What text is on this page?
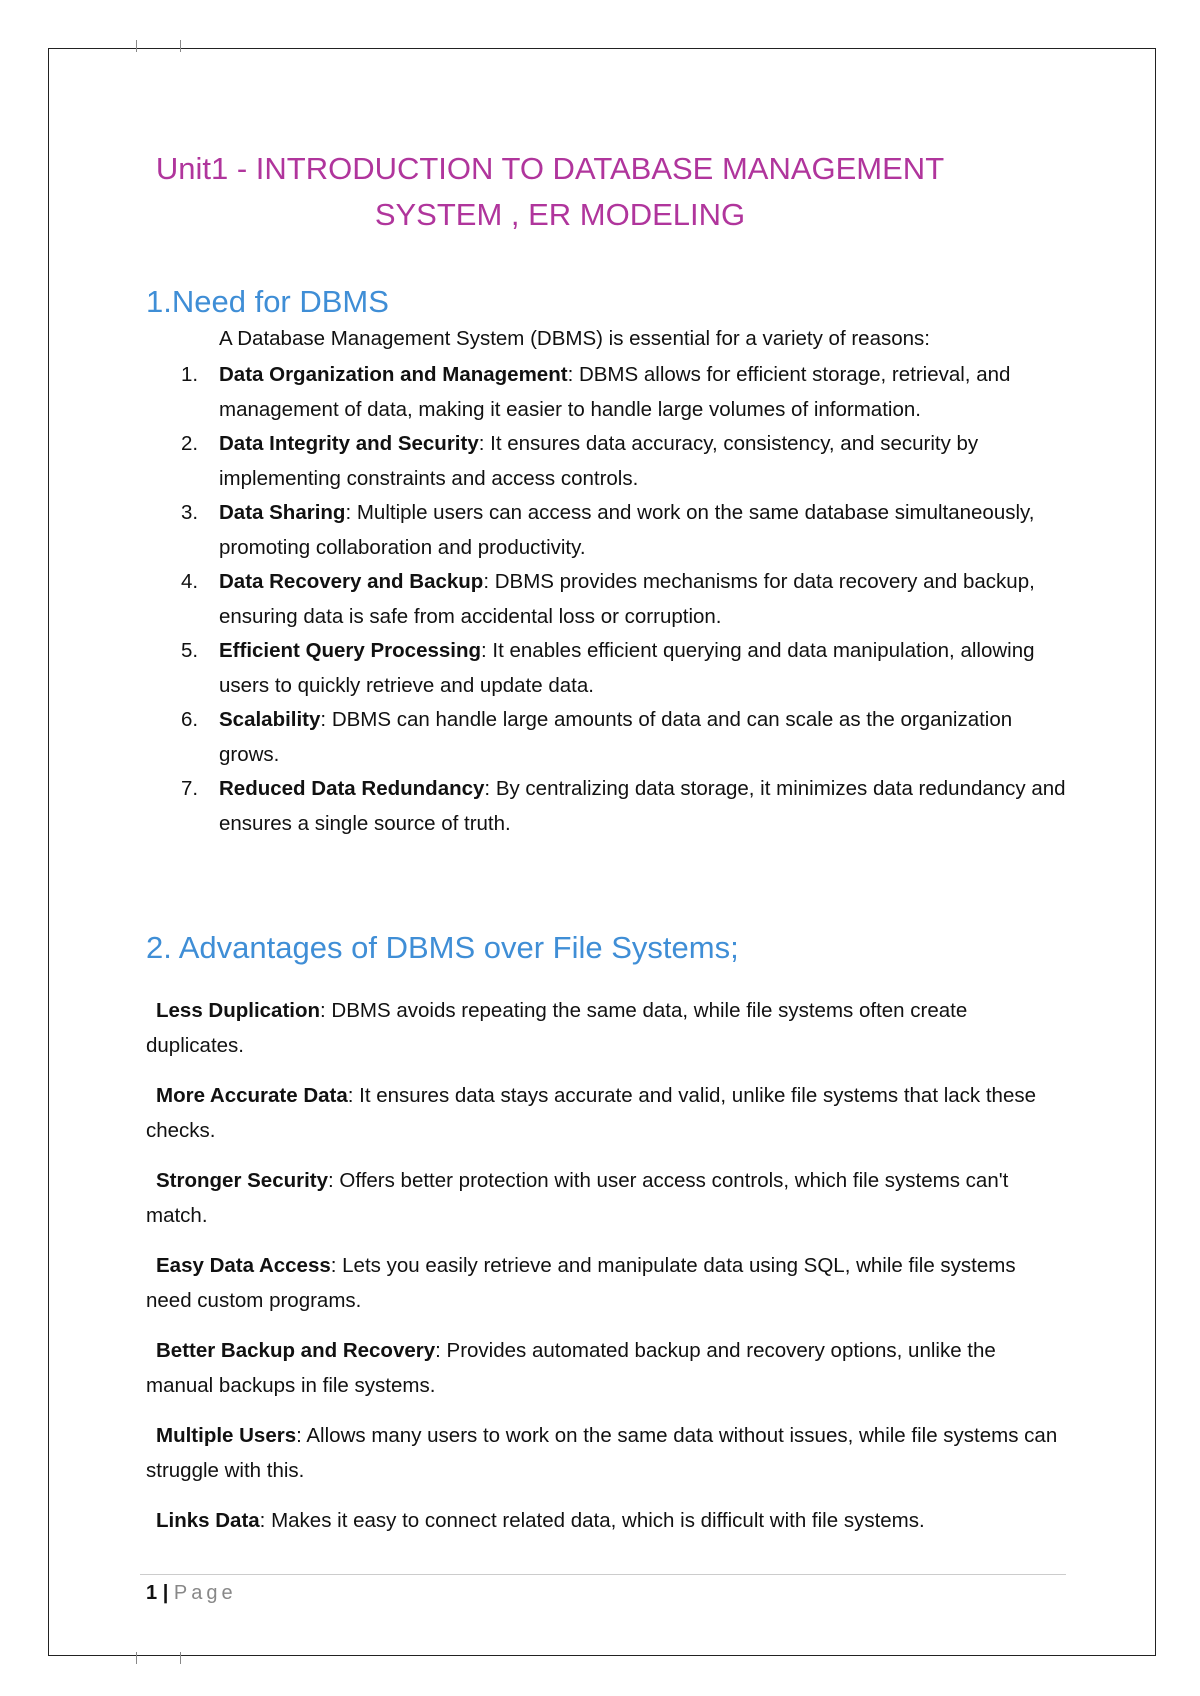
Unit1 - INTRODUCTION TO DATABASE MANAGEMENT
SYSTEM , ER MODELING
1.Need for DBMS
A Database Management System (DBMS) is essential for a variety of reasons:
1.	Data Organization and Management: DBMS allows for efficient storage, retrieval, and management of data, making it easier to handle large volumes of information.
2.	Data Integrity and Security: It ensures data accuracy, consistency, and security by implementing constraints and access controls.
3.	Data Sharing: Multiple users can access and work on the same database simultaneously, promoting collaboration and productivity.
4.	Data Recovery and Backup: DBMS provides mechanisms for data recovery and backup, ensuring data is safe from accidental loss or corruption.
5.	Efficient Query Processing: It enables efficient querying and data manipulation, allowing users to quickly retrieve and update data.
6.	Scalability: DBMS can handle large amounts of data and can scale as the organization grows.
7.	Reduced Data Redundancy: By centralizing data storage, it minimizes data redundancy and ensures a single source of truth.
2. Advantages of DBMS over File Systems;
Less Duplication: DBMS avoids repeating the same data, while file systems often create duplicates.
More Accurate Data: It ensures data stays accurate and valid, unlike file systems that lack these checks.
Stronger Security: Offers better protection with user access controls, which file systems can't match.
Easy Data Access: Lets you easily retrieve and manipulate data using SQL, while file systems need custom programs.
Better Backup and Recovery: Provides automated backup and recovery options, unlike the manual backups in file systems.
Multiple Users: Allows many users to work on the same data without issues, while file systems can struggle with this.
Links Data: Makes it easy to connect related data, which is difficult with file systems.
1 | Page
